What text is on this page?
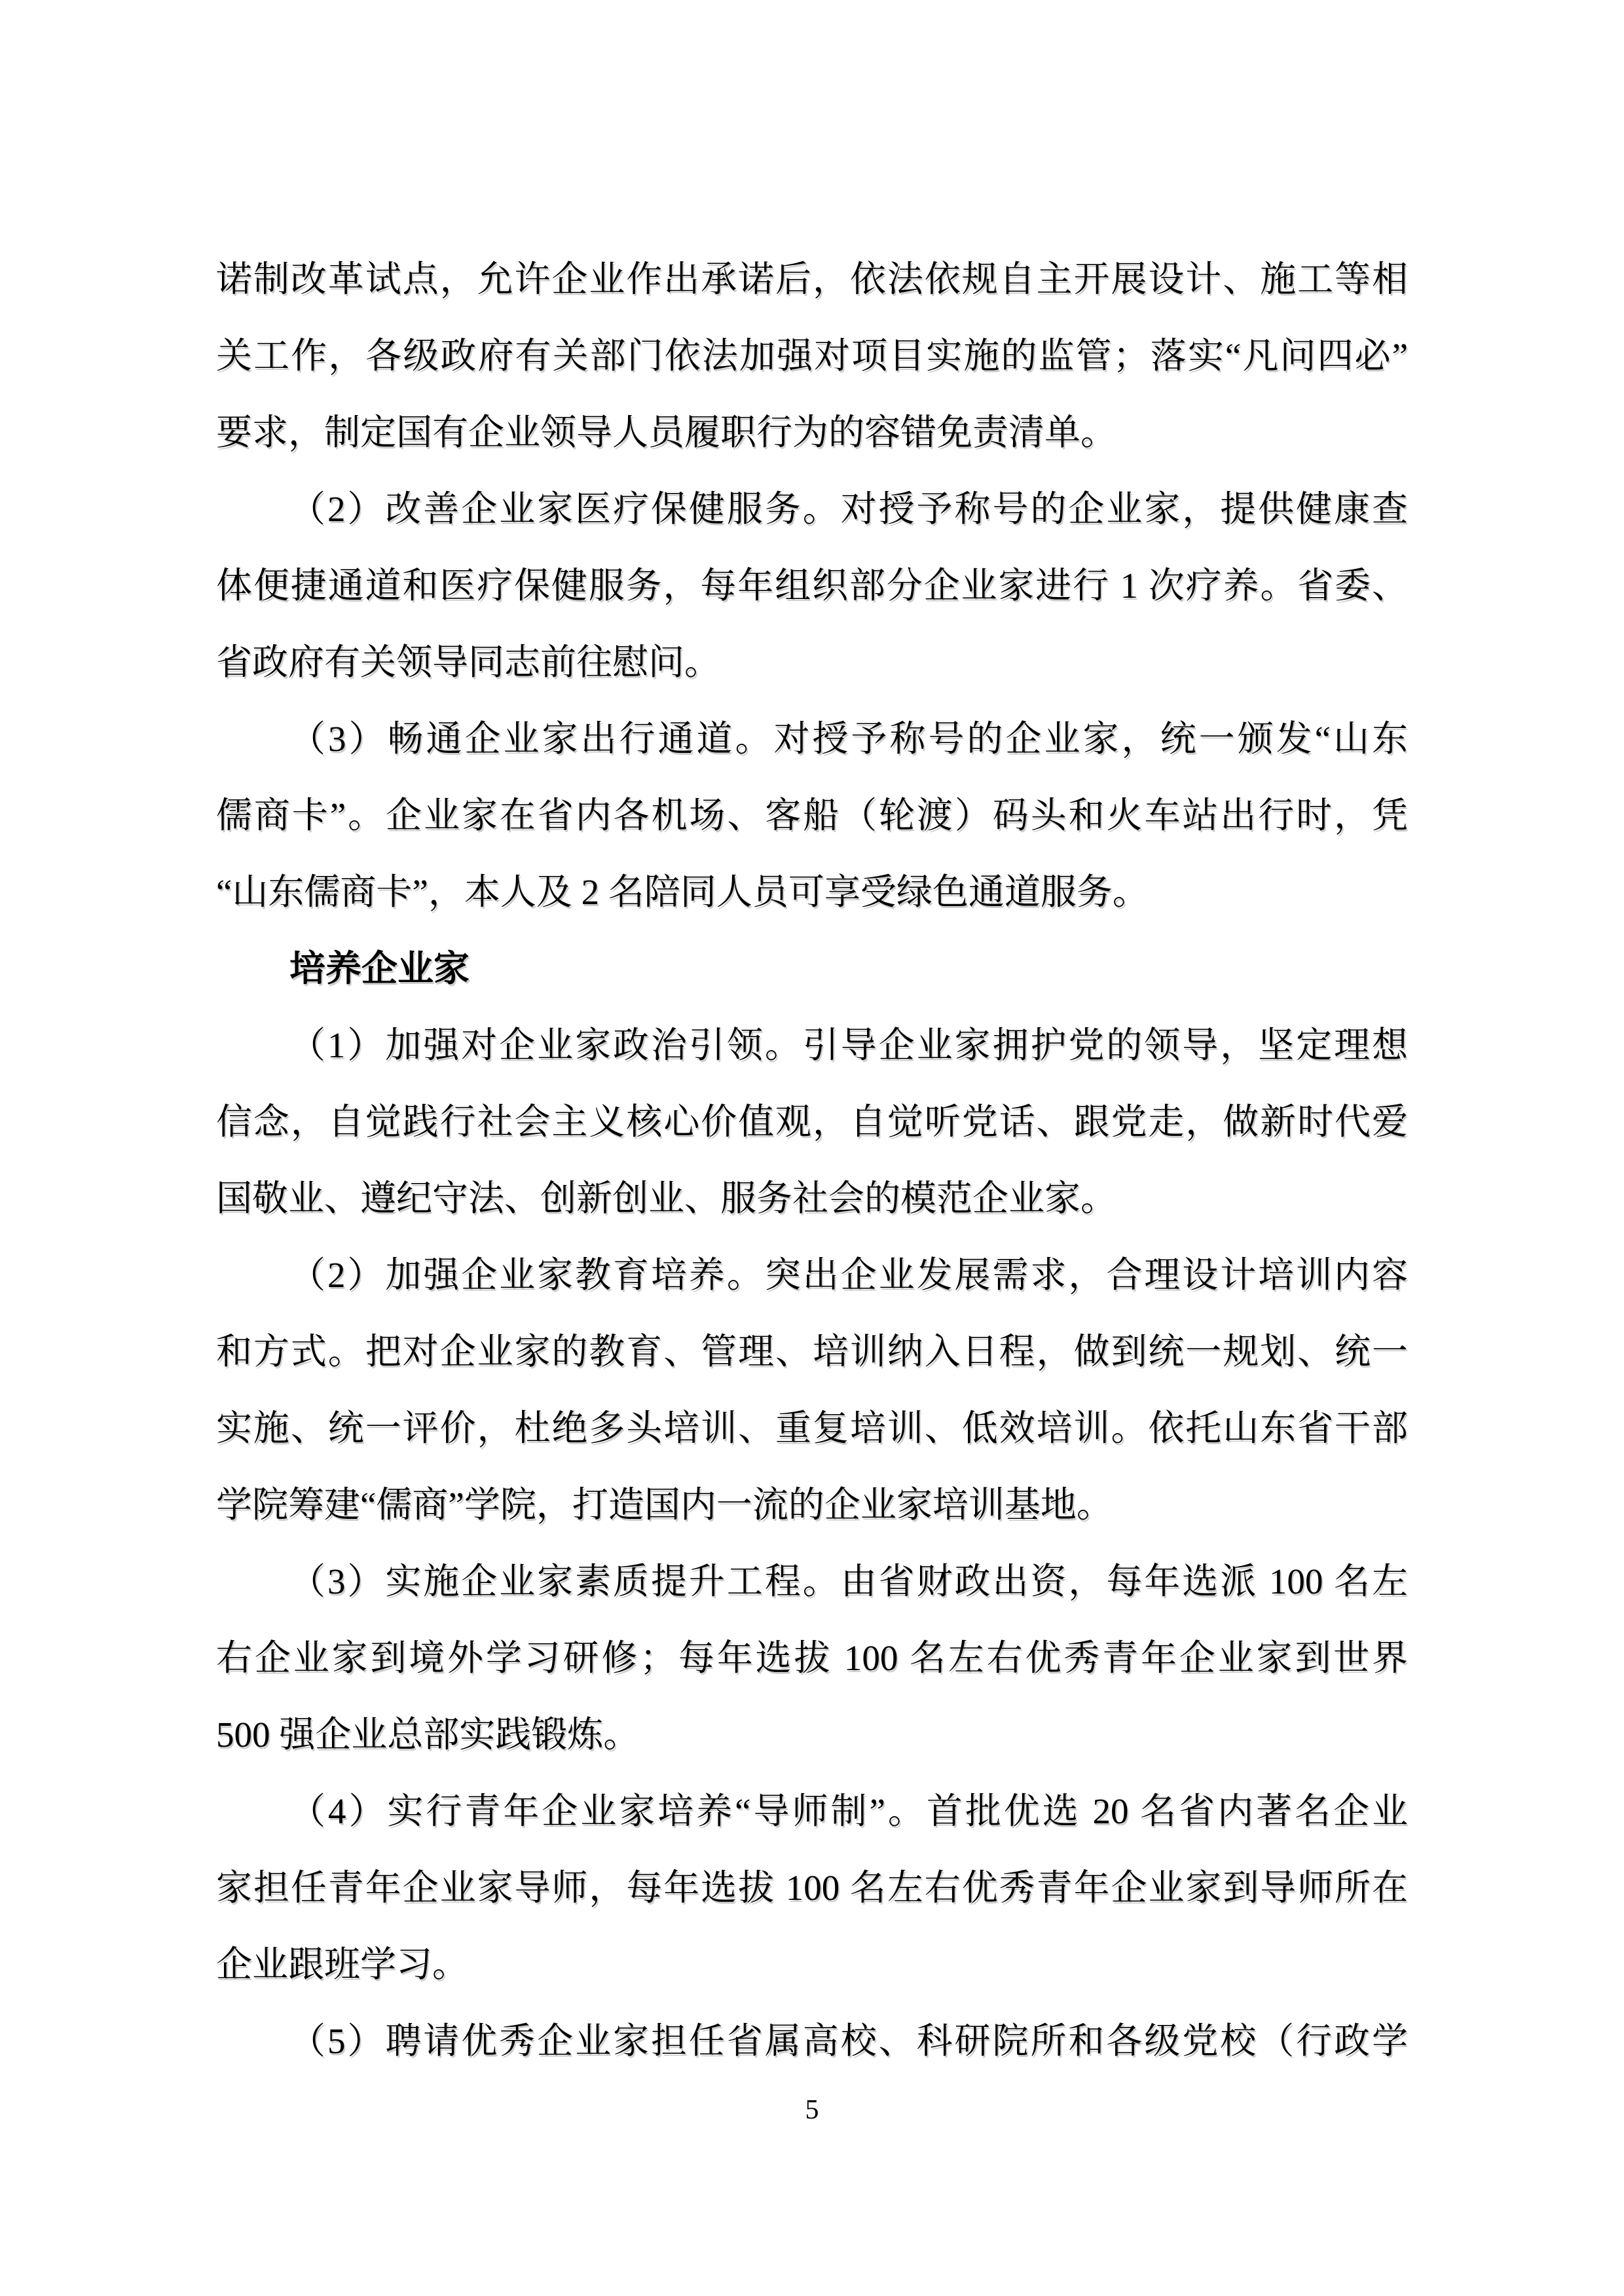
诺制改革试点，允许企业作出承诺后，依法依规自主开展设计、施工等相
关工作，各级政府有关部门依法加强对项目实施的监管；落实“凡问四必”
要求，制定国有企业领导人员履职行为的容错免责清单。
（2）改善企业家医疗保健服务。对授予称号的企业家，提供健康查
体便捷通道和医疗保健服务，每年组织部分企业家进行 1 次疗养。省委、
省政府有关领导同志前往慰问。
（3）畅通企业家出行通道。对授予称号的企业家，统一颁发“山东
儒商卡”。企业家在省内各机场、客船（轮渡）码头和火车站出行时，凭
“山东儒商卡”，本人及 2 名陪同人员可享受绿色通道服务。
培养企业家
（1）加强对企业家政治引领。引导企业家拥护党的领导，坚定理想
信念，自觉践行社会主义核心价值观，自觉听党话、跟党走，做新时代爱
国敬业、遵纪守法、创新创业、服务社会的模范企业家。
（2）加强企业家教育培养。突出企业发展需求，合理设计培训内容
和方式。把对企业家的教育、管理、培训纳入日程，做到统一规划、统一
实施、统一评价，杜绝多头培训、重复培训、低效培训。依托山东省干部
学院筹建“儒商”学院，打造国内一流的企业家培训基地。
（3）实施企业家素质提升工程。由省财政出资，每年选派 100 名左
右企业家到境外学习研修；每年选拔 100 名左右优秀青年企业家到世界
500 强企业总部实践锻炼。
（4）实行青年企业家培养“导师制”。首批优选 20 名省内著名企业
家担任青年企业家导师，每年选拔 100 名左右优秀青年企业家到导师所在
企业跟班学习。
（5）聘请优秀企业家担任省属高校、科研院所和各级党校（行政学
5
